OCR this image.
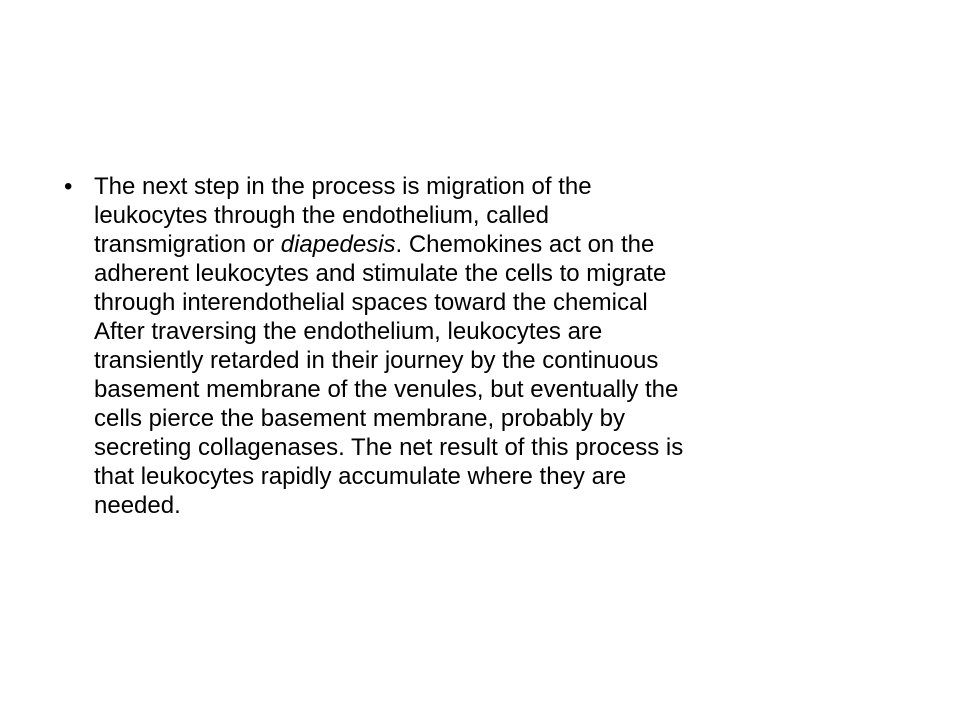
• The next step in the process is migration of the
leukocytes through the endothelium, called
transmigration or diapedesis. Chemokines act on the
adherent leukocytes and stimulate the cells to migrate
through interendothelial spaces toward the chemical
After traversing the endothelium, leukocytes are
transiently retarded in their journey by the continuous
basement membrane of the venules, but eventually the
cells pierce the basement membrane, probably by
secreting collagenases. The net result of this process is
that leukocytes rapidly accumulate where they are
needed.
